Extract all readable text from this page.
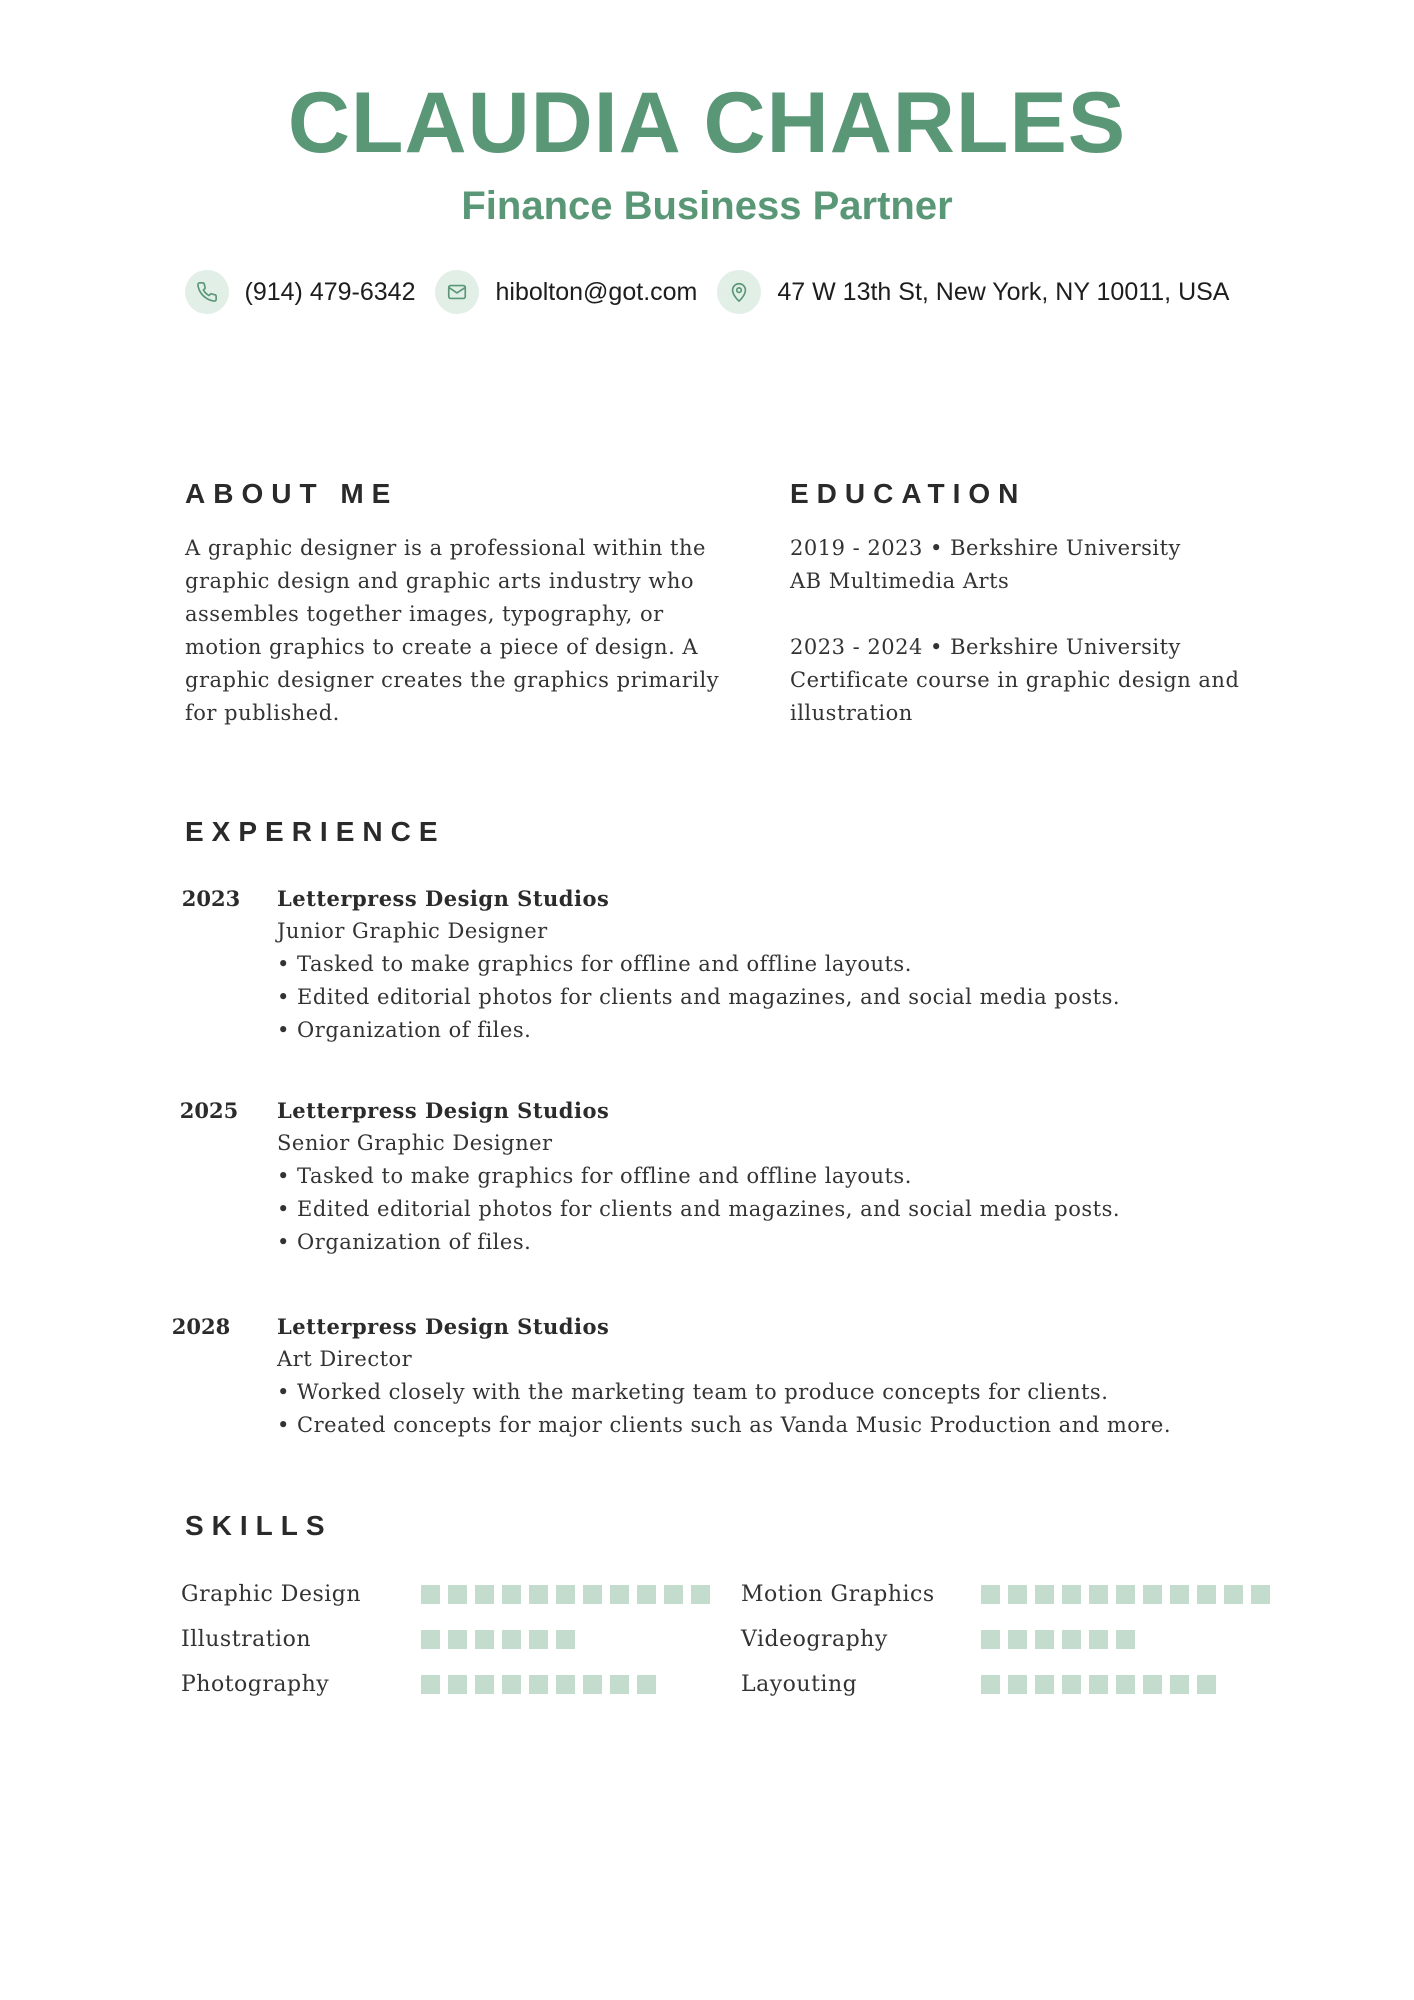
CLAUDIA CHARLES
Finance Business Partner
(914) 479-6342	hibolton@got.com	47 W 13th St, New York, NY 10011, USA
ABOUT ME

A graphic designer is a professional within the graphic design and graphic arts industry who assembles together images, typography, or motion graphics to create a piece of design. A graphic designer creates the graphics primarily for published.

EDUCATION
2019 - 2023 • Berkshire University
AB Multimedia Arts
2023 - 2024 • Berkshire University
Certificate course in graphic design and illustration
EXPERIENCE
2023	Letterpress Design Studios
Junior Graphic Designer
• Tasked to make graphics for offline and offline layouts.
• Edited editorial photos for clients and magazines, and social media posts.
• Organization of files.
2025	Letterpress Design Studios
Senior Graphic Designer
• Tasked to make graphics for offline and offline layouts.
• Edited editorial photos for clients and magazines, and social media posts.
• Organization of files.
2028	Letterpress Design Studios
Art Director
• Worked closely with the marketing team to produce concepts for clients.
• Created concepts for major clients such as Vanda Music Production and more.
SKILLS
Graphic Design
Illustration
Photography
Motion Graphics
Videography
Layouting
